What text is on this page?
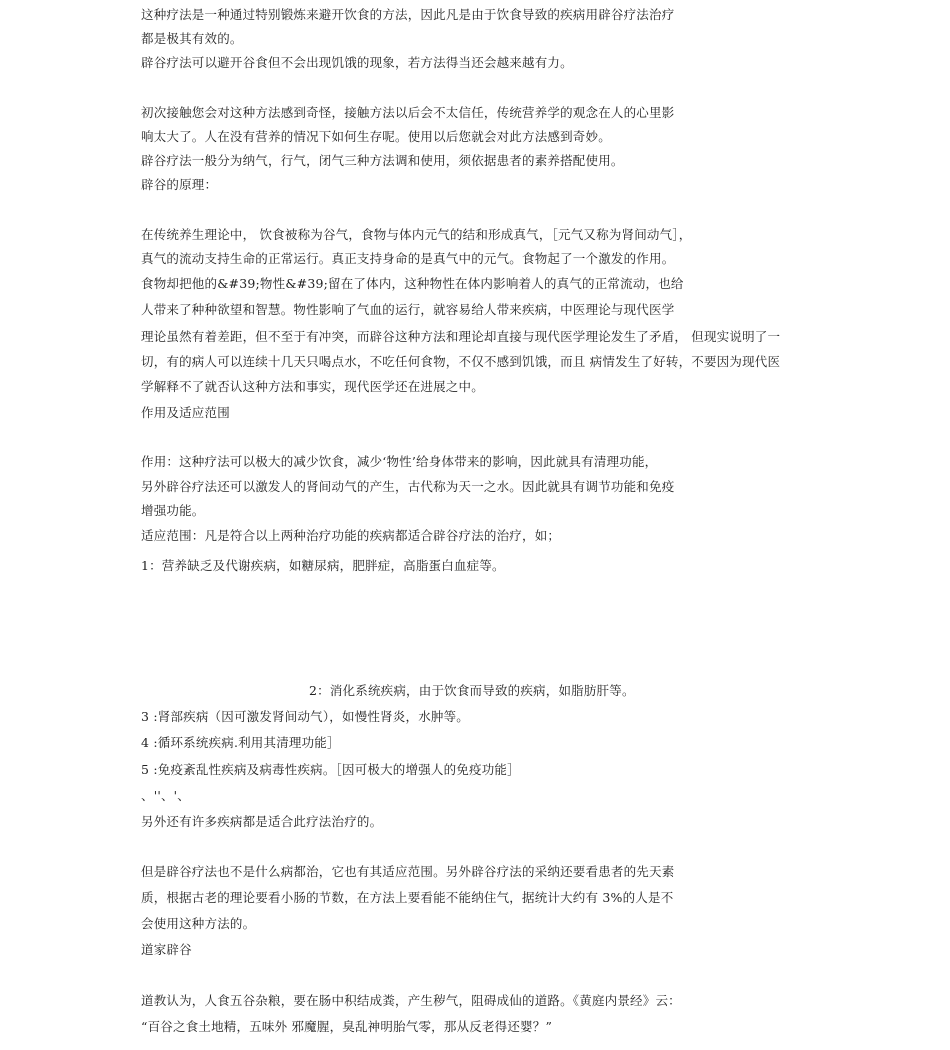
这种疗法是一种通过特别锻炼来避开饮食的方法，因此凡是由于饮食导致的疾病用辟谷疗法治疗
都是极其有效的。
辟谷疗法可以避开谷食但不会出现饥饿的现象，若方法得当还会越来越有力。
初次接触您会对这种方法感到奇怪，接触方法以后会不太信任，传统营养学的观念在人的心里影
响太大了。人在没有营养的情况下如何生存呢。使用以后您就会对此方法感到奇妙。
辟谷疗法一般分为纳气，行气，闭气三种方法调和使用，须依据患者的素养搭配使用。
辟谷的原理：
在传统养生理论中， 饮食被称为谷气，食物与体内元气的结和形成真气，［元气又称为肾间动气］，
真气的流动支持生命的正常运行。真正支持身命的是真气中的元气。食物起了一个激发的作用。
食物却把他的&#39;物性&#39;留在了体内，这种物性在体内影响着人的真气的正常流动，也给
人带来了种种欲望和智慧。物性影响了气血的运行，就容易给人带来疾病，中医理论与现代医学
理论虽然有着差距，但不至于有冲突，而辟谷这种方法和理论却直接与现代医学理论发生了矛盾， 但现实说明了一
切，有的病人可以连续十几天只喝点水，不吃任何食物，不仅不感到饥饿，而且 病情发生了好转，不要因为现代医
学解释不了就否认这种方法和事实，现代医学还在进展之中。
作用及适应范围
作用：这种疗法可以极大的减少饮食，减少‘物性’给身体带来的影响，因此就具有清理功能，
另外辟谷疗法还可以激发人的肾间动气的产生，古代称为天一之水。因此就具有调节功能和免疫
增强功能。
适应范围：凡是符合以上两种治疗功能的疾病都适合辟谷疗法的治疗，如；
1：营养缺乏及代谢疾病，如糖尿病，肥胖症，高脂蛋白血症等。
2：消化系统疾病，由于饮食而导致的疾病，如脂肪肝等。
3 :肾部疾病（因可激发肾间动气），如慢性肾炎，水肿等。
4 :循环系统疾病.利用其清理功能］
5 :免疫紊乱性疾病及病毒性疾病。［因可极大的增强人的免疫功能］
、''、'、
另外还有许多疾病都是适合此疗法治疗的。
但是辟谷疗法也不是什么病都治，它也有其适应范围。另外辟谷疗法的采纳还要看患者的先天素
质，根据古老的理论要看小肠的节数，在方法上要看能不能纳住气，据统计大约有 3%的人是不
会使用这种方法的。
道家辟谷
道教认为，人食五谷杂粮，要在肠中积结成粪，产生秽气，阻碍成仙的道路。《黄庭内景经》云：
“百谷之食土地精，五味外 邪魔腥，臭乱神明胎气零，那从反老得还婴？”
